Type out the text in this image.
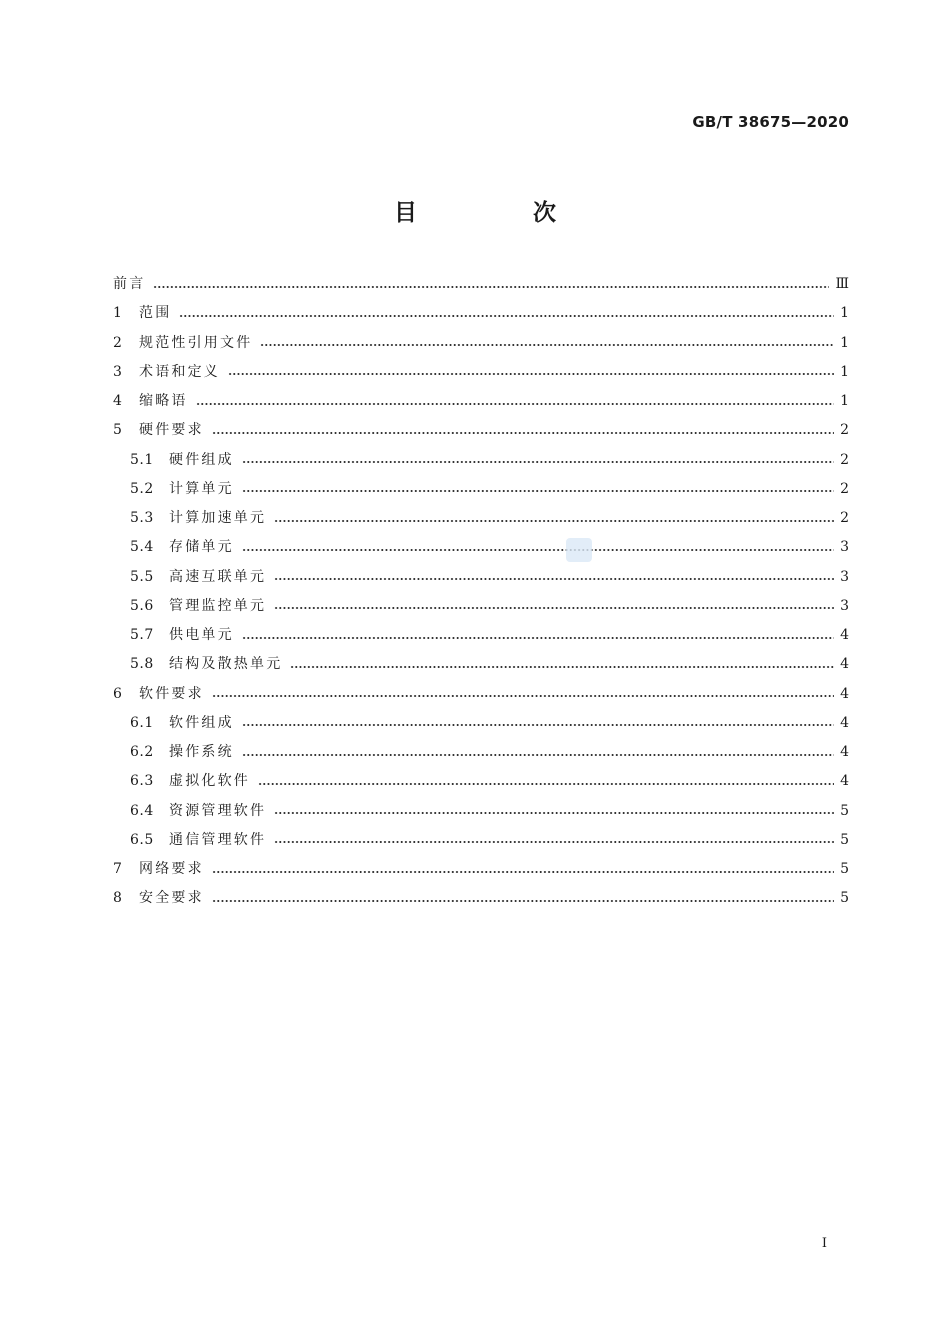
GB/T 38675—2020
目 次
前言	Ⅲ
1	范围	1
2	规范性引用文件	1
3	术语和定义	1
4	缩略语	1
5	硬件要求	2
5.1	硬件组成	2
5.2	计算单元	2
5.3	计算加速单元	2
5.4	存储单元	3
5.5	高速互联单元	3
5.6	管理监控单元	3
5.7	供电单元	4
5.8	结构及散热单元	4
6	软件要求	4
6.1	软件组成	4
6.2	操作系统	4
6.3	虚拟化软件	4
6.4	资源管理软件	5
6.5	通信管理软件	5
7	网络要求	5
8	安全要求	5
Ⅰ
